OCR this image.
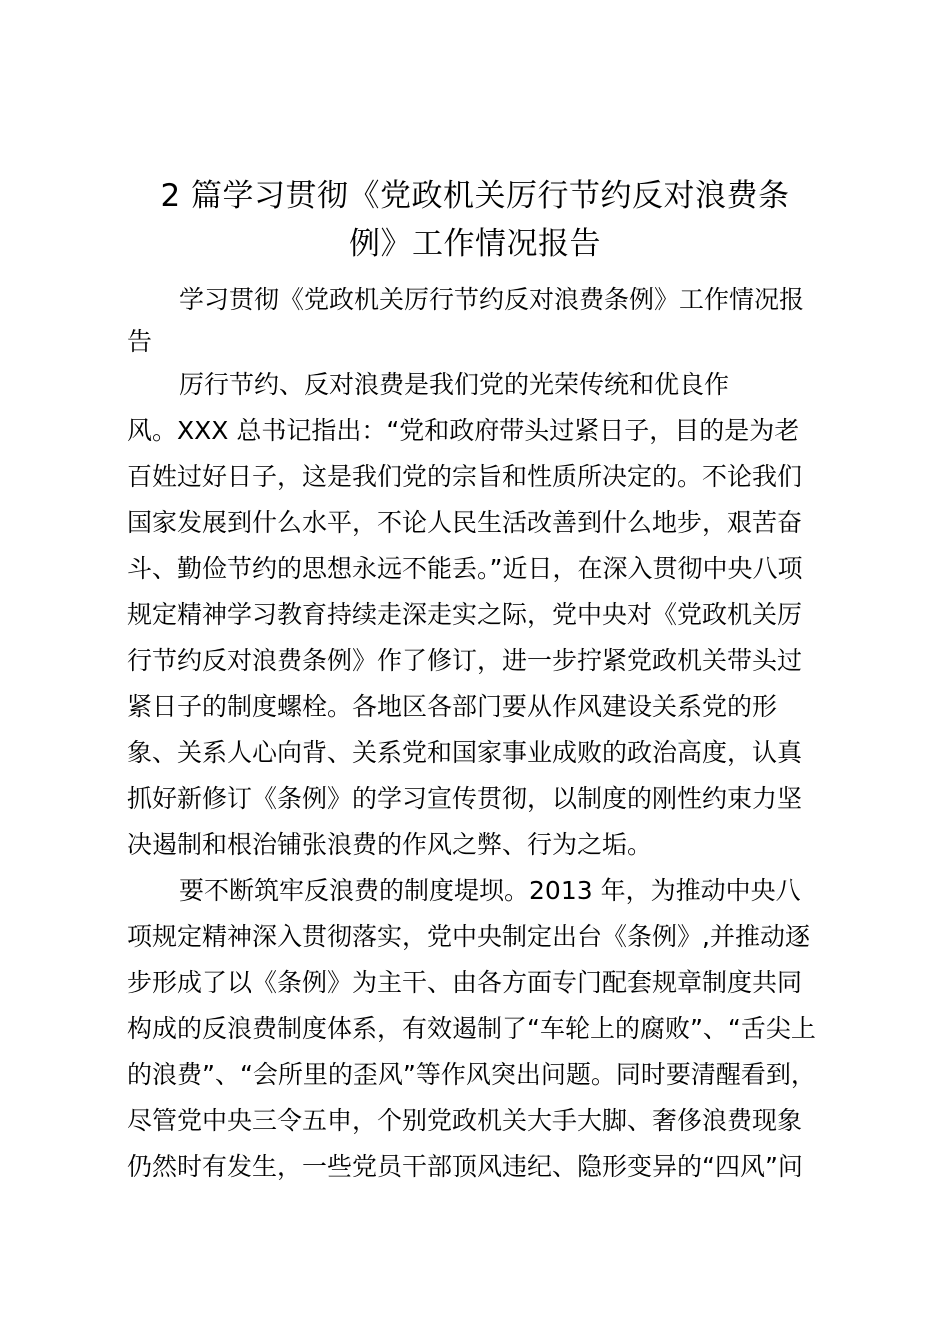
2 篇学习贯彻《党政机关厉行节约反对浪费条
例》工作情况报告
学习贯彻《党政机关厉行节约反对浪费条例》工作情况报
告
厉行节约、反对浪费是我们党的光荣传统和优良作
风。XXX 总书记指出：“党和政府带头过紧日子，目的是为老
百姓过好日子，这是我们党的宗旨和性质所决定的。不论我们
国家发展到什么水平，不论人民生活改善到什么地步，艰苦奋
斗、勤俭节约的思想永远不能丢。”近日，在深入贯彻中央八项
规定精神学习教育持续走深走实之际，党中央对《党政机关厉
行节约反对浪费条例》作了修订，进一步拧紧党政机关带头过
紧日子的制度螺栓。各地区各部门要从作风建设关系党的形
象、关系人心向背、关系党和国家事业成败的政治高度，认真
抓好新修订《条例》的学习宣传贯彻，以制度的刚性约束力坚
决遏制和根治铺张浪费的作风之弊、行为之垢。
要不断筑牢反浪费的制度堤坝。2013 年，为推动中央八
项规定精神深入贯彻落实，党中央制定出台《条例》,并推动逐
步形成了以《条例》为主干、由各方面专门配套规章制度共同
构成的反浪费制度体系，有效遏制了“车轮上的腐败”、“舌尖上
的浪费”、“会所里的歪风”等作风突出问题。同时要清醒看到，
尽管党中央三令五申，个别党政机关大手大脚、奢侈浪费现象
仍然时有发生，一些党员干部顶风违纪、隐形变异的“四风”问
